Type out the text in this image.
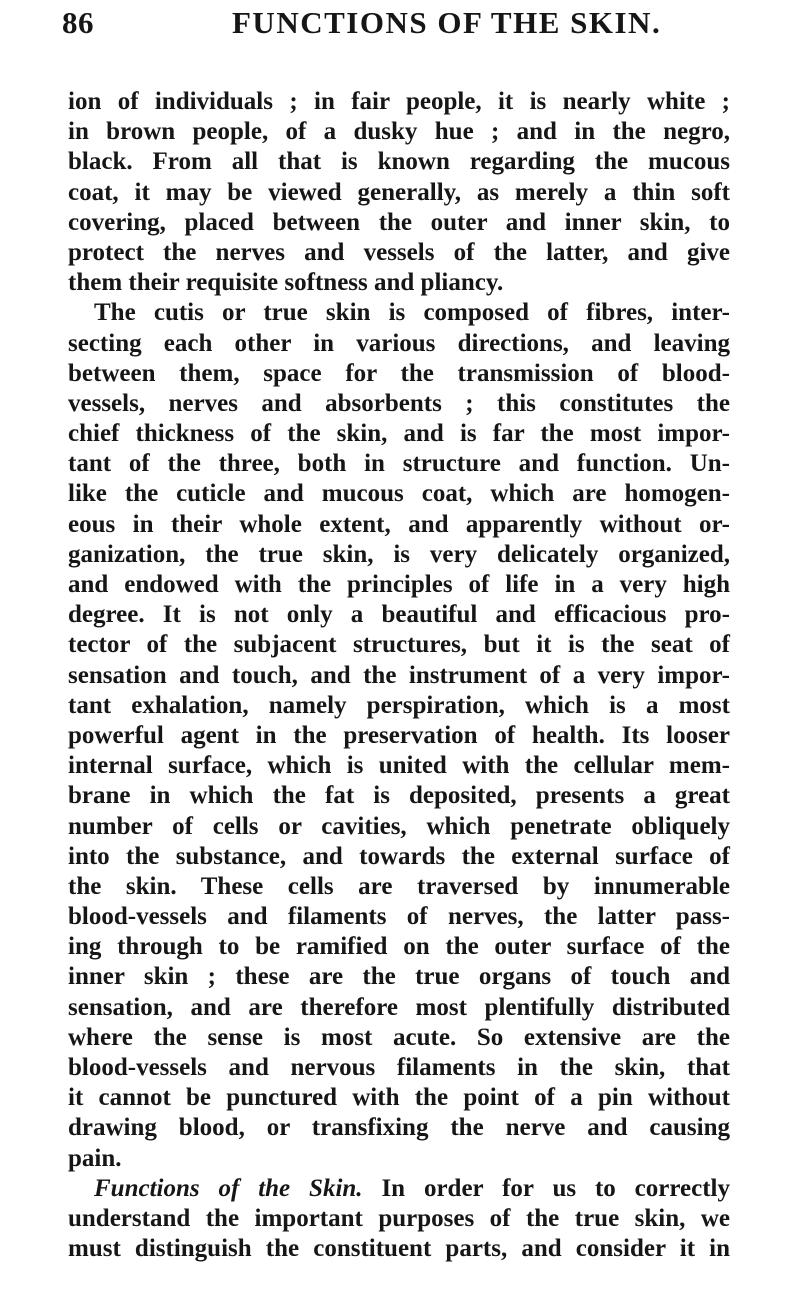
86	FUNCTIONS OF THE SKIN.
ion of individuals ; in fair people, it is nearly white ;
in brown people, of a dusky hue ; and in the negro,
black. From all that is known regarding the mucous
coat, it may be viewed generally, as merely a thin soft
covering, placed between the outer and inner skin, to
protect the nerves and vessels of the latter, and give
them their requisite softness and pliancy.
The cutis or true skin is composed of fibres, inter-
secting each other in various directions, and leaving
between them, space for the transmission of blood-
vessels, nerves and absorbents ; this constitutes the
chief thickness of the skin, and is far the most impor-
tant of the three, both in structure and function. Un-
like the cuticle and mucous coat, which are homogen-
eous in their whole extent, and apparently without or-
ganization, the true skin, is very delicately organized,
and endowed with the principles of life in a very high
degree. It is not only a beautiful and efficacious pro-
tector of the subjacent structures, but it is the seat of
sensation and touch, and the instrument of a very impor-
tant exhalation, namely perspiration, which is a most
powerful agent in the preservation of health. Its looser
internal surface, which is united with the cellular mem-
brane in which the fat is deposited, presents a great
number of cells or cavities, which penetrate obliquely
into the substance, and towards the external surface of
the skin. These cells are traversed by innumerable
blood-vessels and filaments of nerves, the latter pass-
ing through to be ramified on the outer surface of the
inner skin ; these are the true organs of touch and
sensation, and are therefore most plentifully distributed
where the sense is most acute. So extensive are the
blood-vessels and nervous filaments in the skin, that
it cannot be punctured with the point of a pin without
drawing blood, or transfixing the nerve and causing
pain.
Functions of the Skin. In order for us to correctly
understand the important purposes of the true skin, we
must distinguish the constituent parts, and consider it in
